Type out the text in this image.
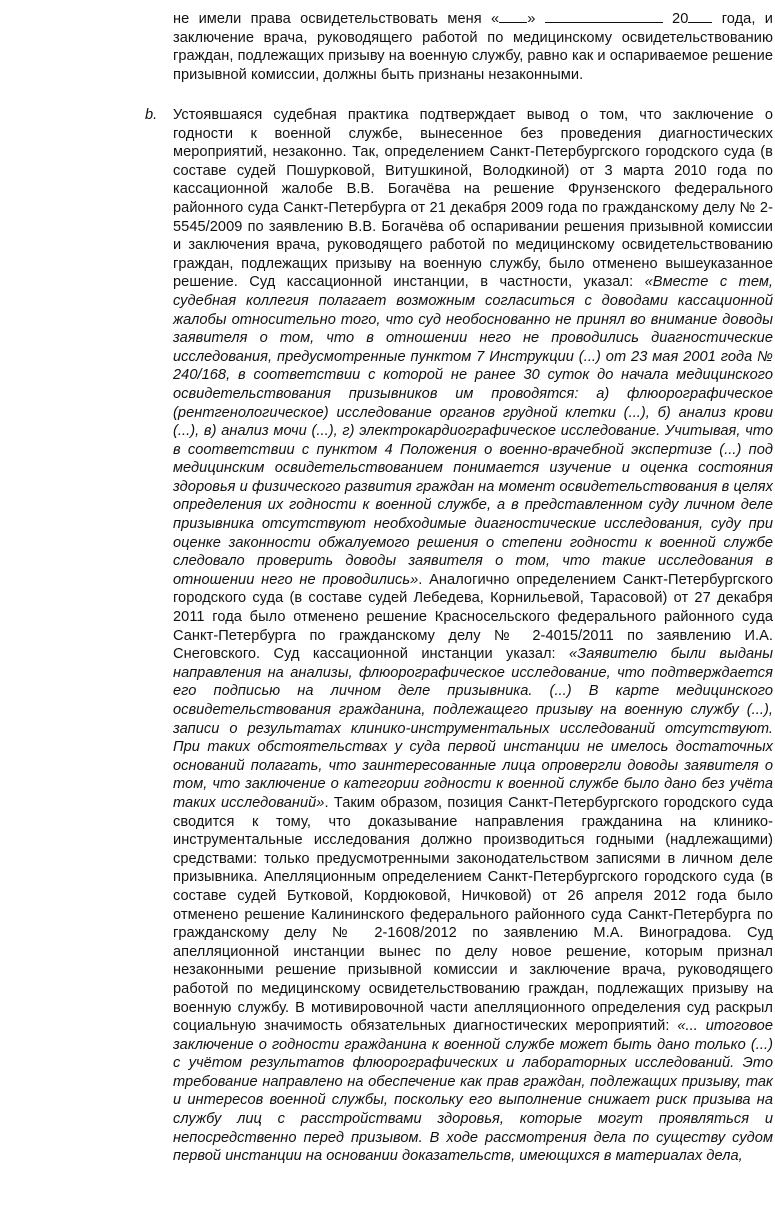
не имели права освидетельствовать меня « »	20 года, и заключение врача, руководящего работой по медицинскому освидетельствованию граждан, подлежащих призыву на военную службу, равно как и оспариваемое решение призывной комиссии, должны быть признаны незаконными.
b. Устоявшаяся судебная практика подтверждает вывод о том, что заключение о годности к военной службе, вынесенное без проведения диагностических мероприятий, незаконно. Так, определением Санкт-Петербургского городского суда (в составе судей Пошурковой, Витушкиной, Володкиной) от 3 марта 2010 года по кассационной жалобе В.В. Богачёва на решение Фрунзенского федерального районного суда Санкт-Петербурга от 21 декабря 2009 года по гражданскому делу № 2-5545/2009 по заявлению В.В. Богачёва об оспаривании решения призывной комиссии и заключения врача, руководящего работой по медицинскому освидетельствованию граждан, подлежащих призыву на военную службу, было отменено вышеуказанное решение. Суд кассационной инстанции, в частности, указал: «Вместе с тем, судебная коллегия полагает возможным согласиться с доводами кассационной жалобы относительно того, что суд необоснованно не принял во внимание доводы заявителя о том, что в отношении него не проводились диагностические исследования, предусмотренные пунктом 7 Инструкции (...) от 23 мая 2001 года № 240/168, в соответствии с которой не ранее 30 суток до начала медицинского освидетельствования призывников им проводятся: а) флюорографическое (рентгенологическое) исследование органов грудной клетки (...), б) анализ крови (...), в) анализ мочи (...), г) электрокардиографическое исследование. Учитывая, что в соответствии с пунктом 4 Положения о военно-врачебной экспертизе (...) под медицинским освидетельствованием понимается изучение и оценка состояния здоровья и физического развития граждан на момент освидетельствования в целях определения их годности к военной службе, а в представленном суду личном деле призывника отсутствуют необходимые диагностические исследования, суду при оценке законности обжалуемого решения о степени годности к военной службе следовало проверить доводы заявителя о том, что такие исследования в отношении него не проводились». Аналогично определением Санкт-Петербургского городского суда (в составе судей Лебедева, Корнильевой, Тарасовой) от 27 декабря 2011 года было отменено решение Красносельского федерального районного суда Санкт-Петербурга по гражданскому делу № 2-4015/2011 по заявлению И.А. Снеговского. Суд кассационной инстанции указал: «Заявителю были выданы направления на анализы, флюорографическое исследование, что подтверждается его подписью на личном деле призывника. (...) В карте медицинского освидетельствования гражданина, подлежащего призыву на военную службу (...), записи о результатах клинико-инструментальных исследований отсутствуют. При таких обстоятельствах у суда первой инстанции не имелось достаточных оснований полагать, что заинтересованные лица опровергли доводы заявителя о том, что заключение о категории годности к военной службе было дано без учёта таких исследований». Таким образом, позиция Санкт-Петербургского городского суда сводится к тому, что доказывание направления гражданина на клинико-инструментальные исследования должно производиться годными (надлежащими) средствами: только предусмотренными законодательством записями в личном деле призывника. Апелляционным определением Санкт-Петербургского городского суда (в составе судей Бутковой, Кордюковой, Ничковой) от 26 апреля 2012 года было отменено решение Калининского федерального районного суда Санкт-Петербурга по гражданскому делу № 2-1608/2012 по заявлению М.А. Виноградова. Суд апелляционной инстанции вынес по делу новое решение, которым признал незаконными решение призывной комиссии и заключение врача, руководящего работой по медицинскому освидетельствованию граждан, подлежащих призыву на военную службу. В мотивировочной части апелляционного определения суд раскрыл социальную значимость обязательных диагностических мероприятий: «... итоговое заключение о годности гражданина к военной службе может быть дано только (...) с учётом результатов флюорографических и лабораторных исследований. Это требование направлено на обеспечение как прав граждан, подлежащих призыву, так и интересов военной службы, поскольку его выполнение снижает риск призыва на службу лиц с расстройствами здоровья, которые могут проявляться и непосредственно перед призывом. В ходе рассмотрения дела по существу судом первой инстанции на основании доказательств, имеющихся в материалах дела,
